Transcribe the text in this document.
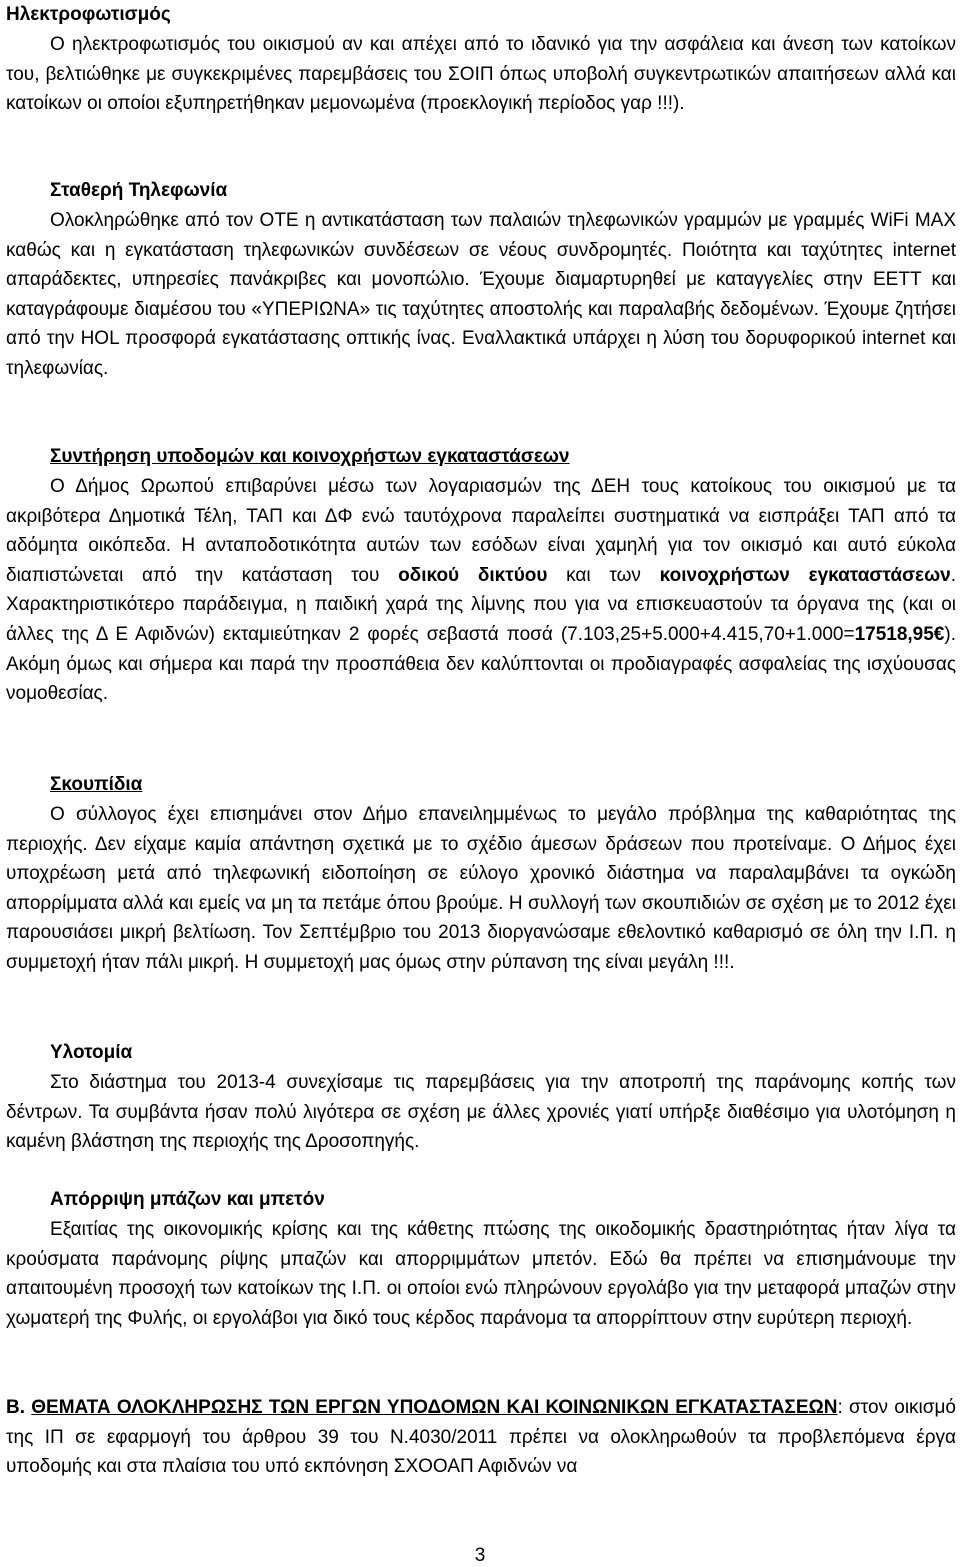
Ηλεκτροφωτισμός
Ο ηλεκτροφωτισμός του οικισμού αν και απέχει από το ιδανικό για την ασφάλεια και άνεση των κατοίκων του, βελτιώθηκε με συγκεκριμένες παρεμβάσεις του ΣΟΙΠ όπως υποβολή συγκεντρωτικών απαιτήσεων αλλά και κατοίκων οι οποίοι εξυπηρετήθηκαν μεμονωμένα (προεκλογική περίοδος γαρ !!!).
Σταθερή Τηλεφωνία
Ολοκληρώθηκε από τον ΟΤΕ η αντικατάσταση των παλαιών τηλεφωνικών γραμμών με γραμμές WiFi MAX καθώς και η εγκατάσταση τηλεφωνικών συνδέσεων σε νέους συνδρομητές. Ποιότητα και ταχύτητες internet απαράδεκτες, υπηρεσίες πανάκριβες και μονοπώλιο. Έχουμε διαμαρτυρηθεί με καταγγελίες στην ΕΕΤΤ και καταγράφουμε διαμέσου του «ΥΠΕΡΙΩΝΑ» τις ταχύτητες αποστολής και παραλαβής δεδομένων. Έχουμε ζητήσει από την HOL προσφορά εγκατάστασης οπτικής ίνας. Εναλλακτικά υπάρχει η λύση του δορυφορικού internet και τηλεφωνίας.
Συντήρηση υποδομών και κοινοχρήστων εγκαταστάσεων
Ο Δήμος Ωρωπού επιβαρύνει μέσω των λογαριασμών της ΔΕΗ τους κατοίκους του οικισμού με τα ακριβότερα Δημοτικά Τέλη, ΤΑΠ και ΔΦ ενώ ταυτόχρονα παραλείπει συστηματικά να εισπράξει ΤΑΠ από τα αδόμητα οικόπεδα. Η ανταποδοτικότητα αυτών των εσόδων είναι χαμηλή για τον οικισμό και αυτό εύκολα διαπιστώνεται από την κατάσταση του οδικού δικτύου και των κοινοχρήστων εγκαταστάσεων. Χαρακτηριστικότερο παράδειγμα, η παιδική χαρά της λίμνης που για να επισκευαστούν τα όργανα της (και οι άλλες της Δ Ε Αφιδνών) εκταμιεύτηκαν 2 φορές σεβαστά ποσά (7.103,25+5.000+4.415,70+1.000=17518,95€). Ακόμη όμως και σήμερα και παρά την προσπάθεια δεν καλύπτονται οι προδιαγραφές ασφαλείας της ισχύουσας νομοθεσίας.
Σκουπίδια
Ο σύλλογος έχει επισημάνει στον Δήμο επανειλημμένως το μεγάλο πρόβλημα της καθαριότητας της περιοχής. Δεν είχαμε καμία απάντηση σχετικά με το σχέδιο άμεσων δράσεων που προτείναμε. Ο Δήμος έχει υποχρέωση μετά από τηλεφωνική ειδοποίηση σε εύλογο χρονικό διάστημα να παραλαμβάνει τα ογκώδη απορρίμματα αλλά και εμείς να μη τα πετάμε όπου βρούμε. Η συλλογή των σκουπιδιών σε σχέση με το 2012 έχει παρουσιάσει μικρή βελτίωση. Τον Σεπτέμβριο του 2013 διοργανώσαμε εθελοντικό καθαρισμό σε όλη την Ι.Π. η συμμετοχή ήταν πάλι μικρή. Η συμμετοχή μας όμως στην ρύπανση της είναι μεγάλη !!!.
Υλοτομία
Στο διάστημα του 2013-4 συνεχίσαμε τις παρεμβάσεις για την αποτροπή της παράνομης κοπής των δέντρων. Τα συμβάντα ήσαν πολύ λιγότερα σε σχέση με άλλες χρονιές γιατί υπήρξε διαθέσιμο για υλοτόμηση η καμένη βλάστηση της περιοχής της Δροσοπηγής.
Απόρριψη μπάζων και μπετόν
Εξαιτίας της οικονομικής κρίσης και της κάθετης πτώσης της οικοδομικής δραστηριότητας ήταν λίγα τα κρούσματα παράνομης ρίψης μπαζών και απορριμμάτων μπετόν. Εδώ θα πρέπει να επισημάνουμε την απαιτουμένη προσοχή των κατοίκων της Ι.Π. οι οποίοι ενώ πληρώνουν εργολάβο για την μεταφορά μπαζών στην χωματερή της Φυλής, οι εργολάβοι για δικό τους κέρδος παράνομα τα απορρίπτουν στην ευρύτερη περιοχή.
Β. ΘΕΜΑΤΑ ΟΛΟΚΛΗΡΩΣΗΣ ΤΩΝ ΕΡΓΩΝ ΥΠΟΔΟΜΩΝ ΚΑΙ ΚΟΙΝΩΝΙΚΩΝ ΕΓΚΑΤΑΣΤΑΣΕΩΝ: στον οικισμό της ΙΠ σε εφαρμογή του άρθρου 39 του Ν.4030/2011 πρέπει να ολοκληρωθούν τα προβλεπόμενα έργα υποδομής και στα πλαίσια του υπό εκπόνηση ΣΧΟΟΑΠ Αφιδνών να
3
